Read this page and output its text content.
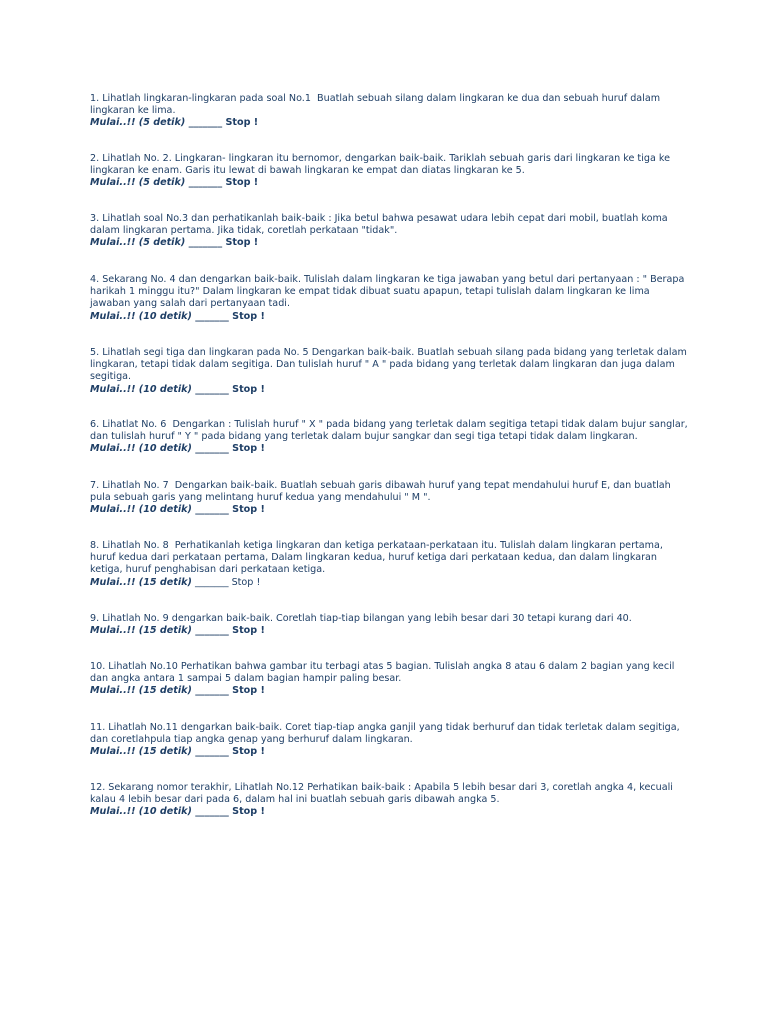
1. Lihatlah lingkaran-lingkaran pada soal No.1  Buatlah sebuah silang dalam lingkaran ke dua dan sebuah huruf dalam lingkaran ke lima.
Mulai..!! (5 detik) _______ Stop !
2. Lihatlah No. 2. Lingkaran- lingkaran itu bernomor, dengarkan baik-baik. Tariklah sebuah garis dari lingkaran ke tiga ke lingkaran ke enam. Garis itu lewat di bawah lingkaran ke empat dan diatas lingkaran ke 5.
Mulai..!! (5 detik) _______ Stop !
3. Lihatlah soal No.3 dan perhatikanlah baik-baik : Jika betul bahwa pesawat udara lebih cepat dari mobil, buatlah koma dalam lingkaran pertama. Jika tidak, coretlah perkataan "tidak".
Mulai..!! (5 detik) _______ Stop !
4. Sekarang No. 4 dan dengarkan baik-baik. Tulislah dalam lingkaran ke tiga jawaban yang betul dari pertanyaan : " Berapa harikah 1 minggu itu?" Dalam lingkaran ke empat tidak dibuat suatu apapun, tetapi tulislah dalam lingkaran ke lima jawaban yang salah dari pertanyaan tadi.
Mulai..!! (10 detik) _______ Stop !
5. Lihatlah segi tiga dan lingkaran pada No. 5 Dengarkan baik-baik. Buatlah sebuah silang pada bidang yang terletak dalam lingkaran, tetapi tidak dalam segitiga. Dan tulislah huruf " A " pada bidang yang terletak dalam lingkaran dan juga dalam segitiga.
Mulai..!! (10 detik) _______ Stop !
6. Lihatlat No. 6  Dengarkan : Tulislah huruf " X " pada bidang yang terletak dalam segitiga tetapi tidak dalam bujur sanglar, dan tulislah huruf " Y " pada bidang yang terletak dalam bujur sangkar dan segi tiga tetapi tidak dalam lingkaran.
Mulai..!! (10 detik) _______ Stop !
7. Lihatlah No. 7  Dengarkan baik-baik. Buatlah sebuah garis dibawah huruf yang tepat mendahului huruf E, dan buatlah pula sebuah garis yang melintang huruf kedua yang mendahului " M ".
Mulai..!! (10 detik) _______ Stop !
8. Lihatlah No. 8  Perhatikanlah ketiga lingkaran dan ketiga perkataan-perkataan itu. Tulislah dalam lingkaran pertama, huruf kedua dari perkataan pertama, Dalam lingkaran kedua, huruf ketiga dari perkataan kedua, dan dalam lingkaran ketiga, huruf penghabisan dari perkataan ketiga.
Mulai..!! (15 detik) _______ Stop !
9. Lihatlah No. 9 dengarkan baik-baik. Coretlah tiap-tiap bilangan yang lebih besar dari 30 tetapi kurang dari 40.
Mulai..!! (15 detik) _______ Stop !
10. Lihatlah No.10 Perhatikan bahwa gambar itu terbagi atas 5 bagian. Tulislah angka 8 atau 6 dalam 2 bagian yang kecil dan angka antara 1 sampai 5 dalam bagian hampir paling besar.
Mulai..!! (15 detik) _______ Stop !
11. Lihatlah No.11 dengarkan baik-baik. Coret tiap-tiap angka ganjil yang tidak berhuruf dan tidak terletak dalam segitiga, dan coretlahpula tiap angka genap yang berhuruf dalam lingkaran.
Mulai..!! (15 detik) _______ Stop !
12. Sekarang nomor terakhir, Lihatlah No.12 Perhatikan baik-baik : Apabila 5 lebih besar dari 3, coretlah angka 4, kecuali kalau 4 lebih besar dari pada 6, dalam hal ini buatlah sebuah garis dibawah angka 5.
Mulai..!! (10 detik) _______ Stop !
